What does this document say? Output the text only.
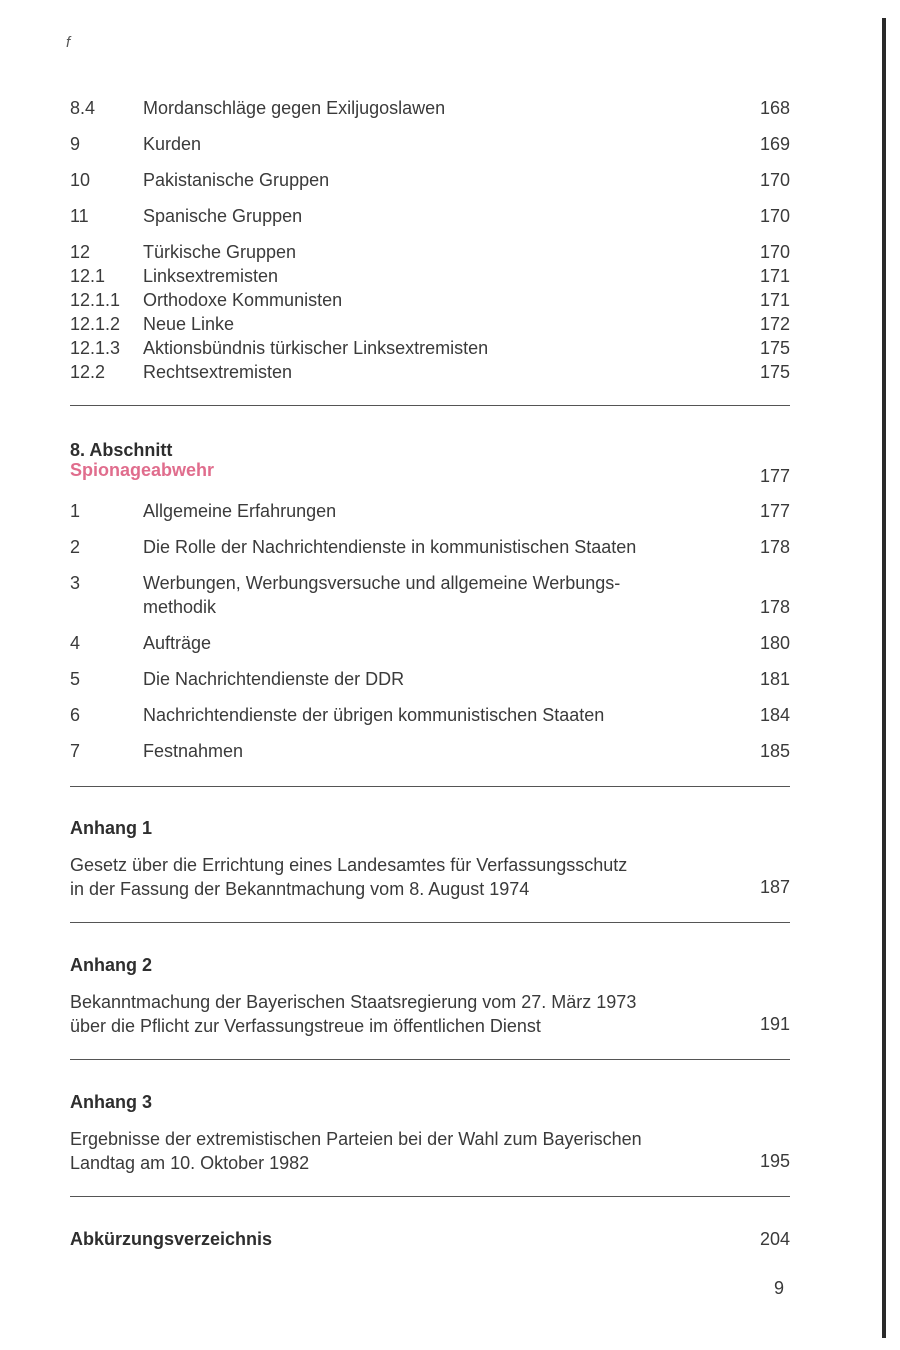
f
8.4	Mordanschläge gegen Exiljugoslawen	168
9	Kurden	169
10	Pakistanische Gruppen	170
11	Spanische Gruppen	170
12	Türkische Gruppen	170
12.1 Linksextremisten	171
12.1.1 Orthodoxe Kommunisten	171
12.1.2 Neue Linke	172
12.1.3 Aktionsbündnis türkischer Linksextremisten	175
12.2 Rechtsextremisten	175
8. Abschnitt
Spionageabwehr	177
1	Allgemeine Erfahrungen	177
2	Die Rolle der Nachrichtendienste in kommunistischen Staaten	178
3	Werbungen, Werbungsversuche und allgemeine Werbungs-
methodik	178
4	Aufträge	180
5	Die Nachrichtendienste der DDR	181
6	Nachrichtendienste der übrigen kommunistischen Staaten	184
7	Festnahmen	185
Anhang 1
Gesetz über die Errichtung eines Landesamtes für Verfassungsschutz
in der Fassung der Bekanntmachung vom 8. August 1974	187
Anhang 2
Bekanntmachung der Bayerischen Staatsregierung vom 27. März 1973
über die Pflicht zur Verfassungstreue im öffentlichen Dienst	191
Anhang 3
Ergebnisse der extremistischen Parteien bei der Wahl zum Bayerischen
Landtag am 10. Oktober 1982	195
Abkürzungsverzeichnis	204
9
